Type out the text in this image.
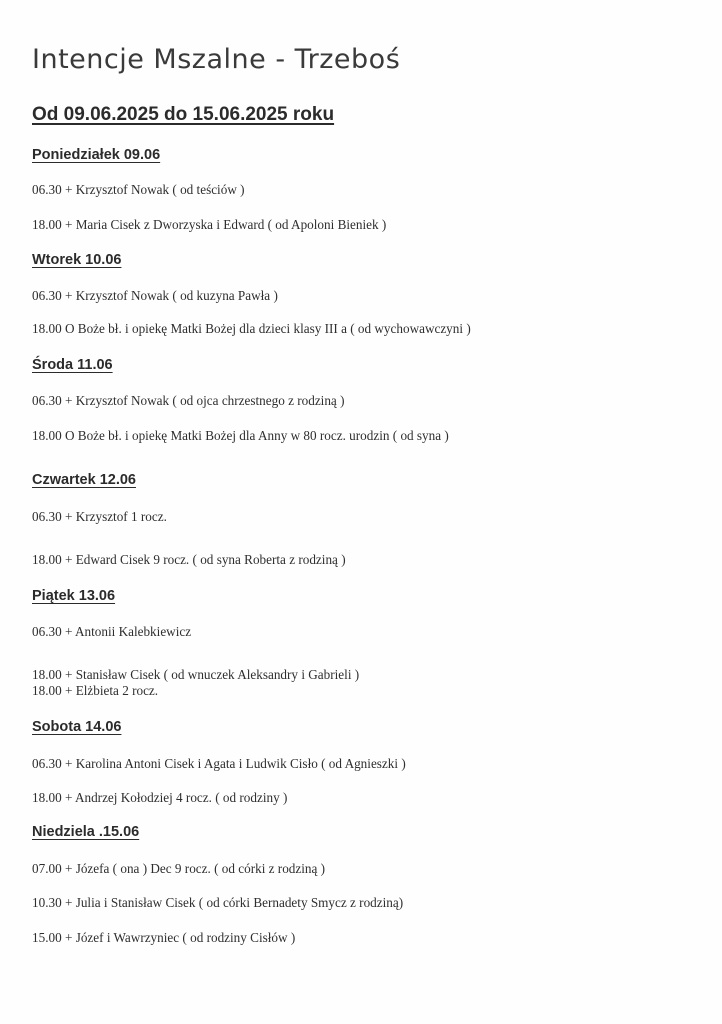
Intencje Mszalne - Trzeboś
Od 09.06.2025 do 15.06.2025 roku
Poniedziałek 09.06
06.30 + Krzysztof Nowak ( od teściów )
18.00 + Maria Cisek z Dworzyska i Edward ( od Apoloni Bieniek )
Wtorek 10.06
06.30 + Krzysztof Nowak ( od kuzyna Pawła )
18.00 O Boże bł. i opiekę Matki Bożej dla dzieci klasy III a ( od wychowawczyni )
Środa 11.06
06.30 + Krzysztof Nowak ( od ojca chrzestnego z rodziną )
18.00 O Boże bł. i opiekę Matki Bożej dla Anny w 80 rocz. urodzin ( od syna )
Czwartek 12.06
06.30 + Krzysztof 1 rocz.
18.00 + Edward Cisek 9 rocz. ( od syna Roberta z rodziną )
Piątek 13.06
06.30 + Antonii Kalebkiewicz
18.00 + Stanisław Cisek ( od wnuczek Aleksandry i Gabrieli )
18.00 + Elżbieta 2 rocz.
Sobota 14.06
06.30 + Karolina Antoni Cisek i Agata i Ludwik Cisło ( od Agnieszki )
18.00 + Andrzej Kołodziej 4 rocz. ( od rodziny )
Niedziela .15.06
07.00 + Józefa ( ona ) Dec 9 rocz. ( od córki z rodziną )
10.30 + Julia i Stanisław Cisek ( od córki Bernadety Smycz z rodziną)
15.00 + Józef i Wawrzyniec ( od rodziny Cisłów )
